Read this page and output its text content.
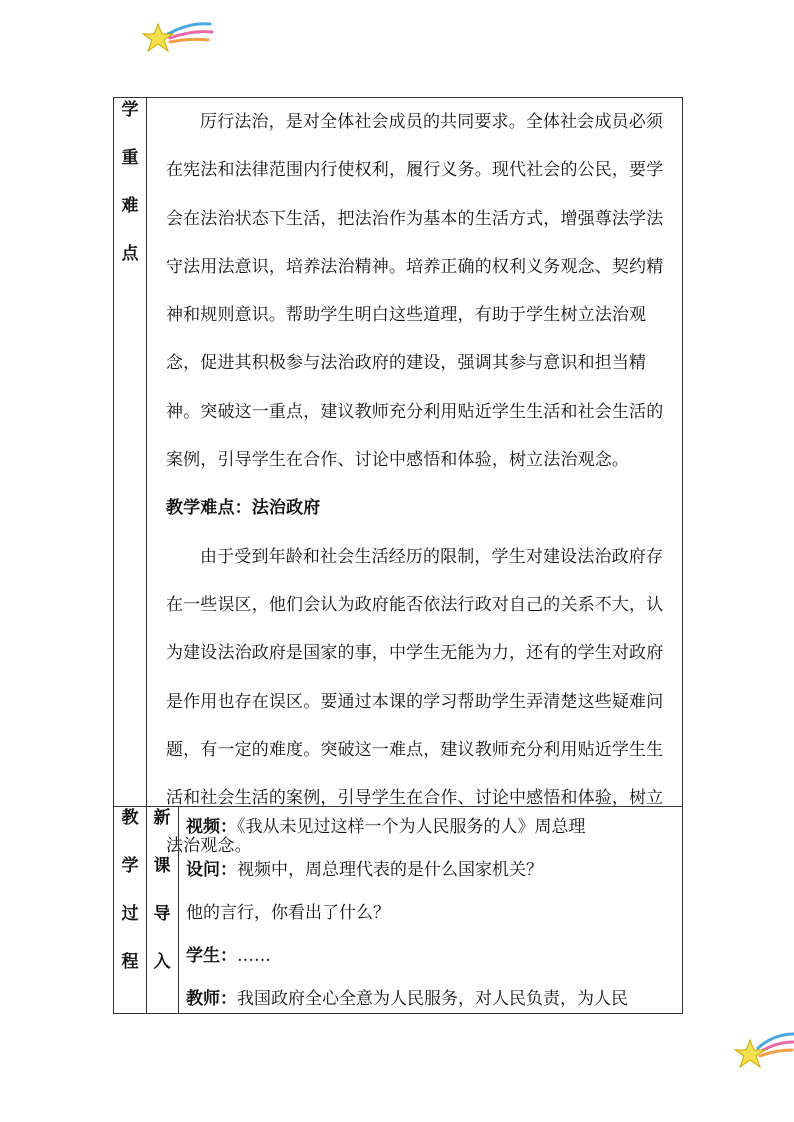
学
重
难
点

厉行法治，是对全体社会成员的共同要求。全体社会成员必须在宪法和法律范围内行使权利，履行义务。现代社会的公民，要学会在法治状态下生活，把法治作为基本的生活方式，增强尊法学法守法用法意识，培养法治精神。培养正确的权利义务观念、契约精神和规则意识。帮助学生明白这些道理，有助于学生树立法治观念，促进其积极参与法治政府的建设，强调其参与意识和担当精神。突破这一重点，建议教师充分利用贴近学生生活和社会生活的案例，引导学生在合作、讨论中感悟和体验，树立法治观念。

教学难点：法治政府

由于受到年龄和社会生活经历的限制，学生对建设法治政府存在一些误区，他们会认为政府能否依法行政对自己的关系不大，认为建设法治政府是国家的事，中学生无能为力，还有的学生对政府是作用也存在误区。要通过本课的学习帮助学生弄清楚这些疑难问题，有一定的难度。突破这一难点，建议教师充分利用贴近学生生活和社会生活的案例，引导学生在合作、讨论中感悟和体验，树立法治观念。

教
学
过
程
新
课
导
入

视频：《我从未见过这样一个为人民服务的人》周总理

设问：视频中，周总理代表的是什么国家机关？

他的言行，你看出了什么？

学生：……

教师：我国政府全心全意为人民服务，对人民负责，为人民
